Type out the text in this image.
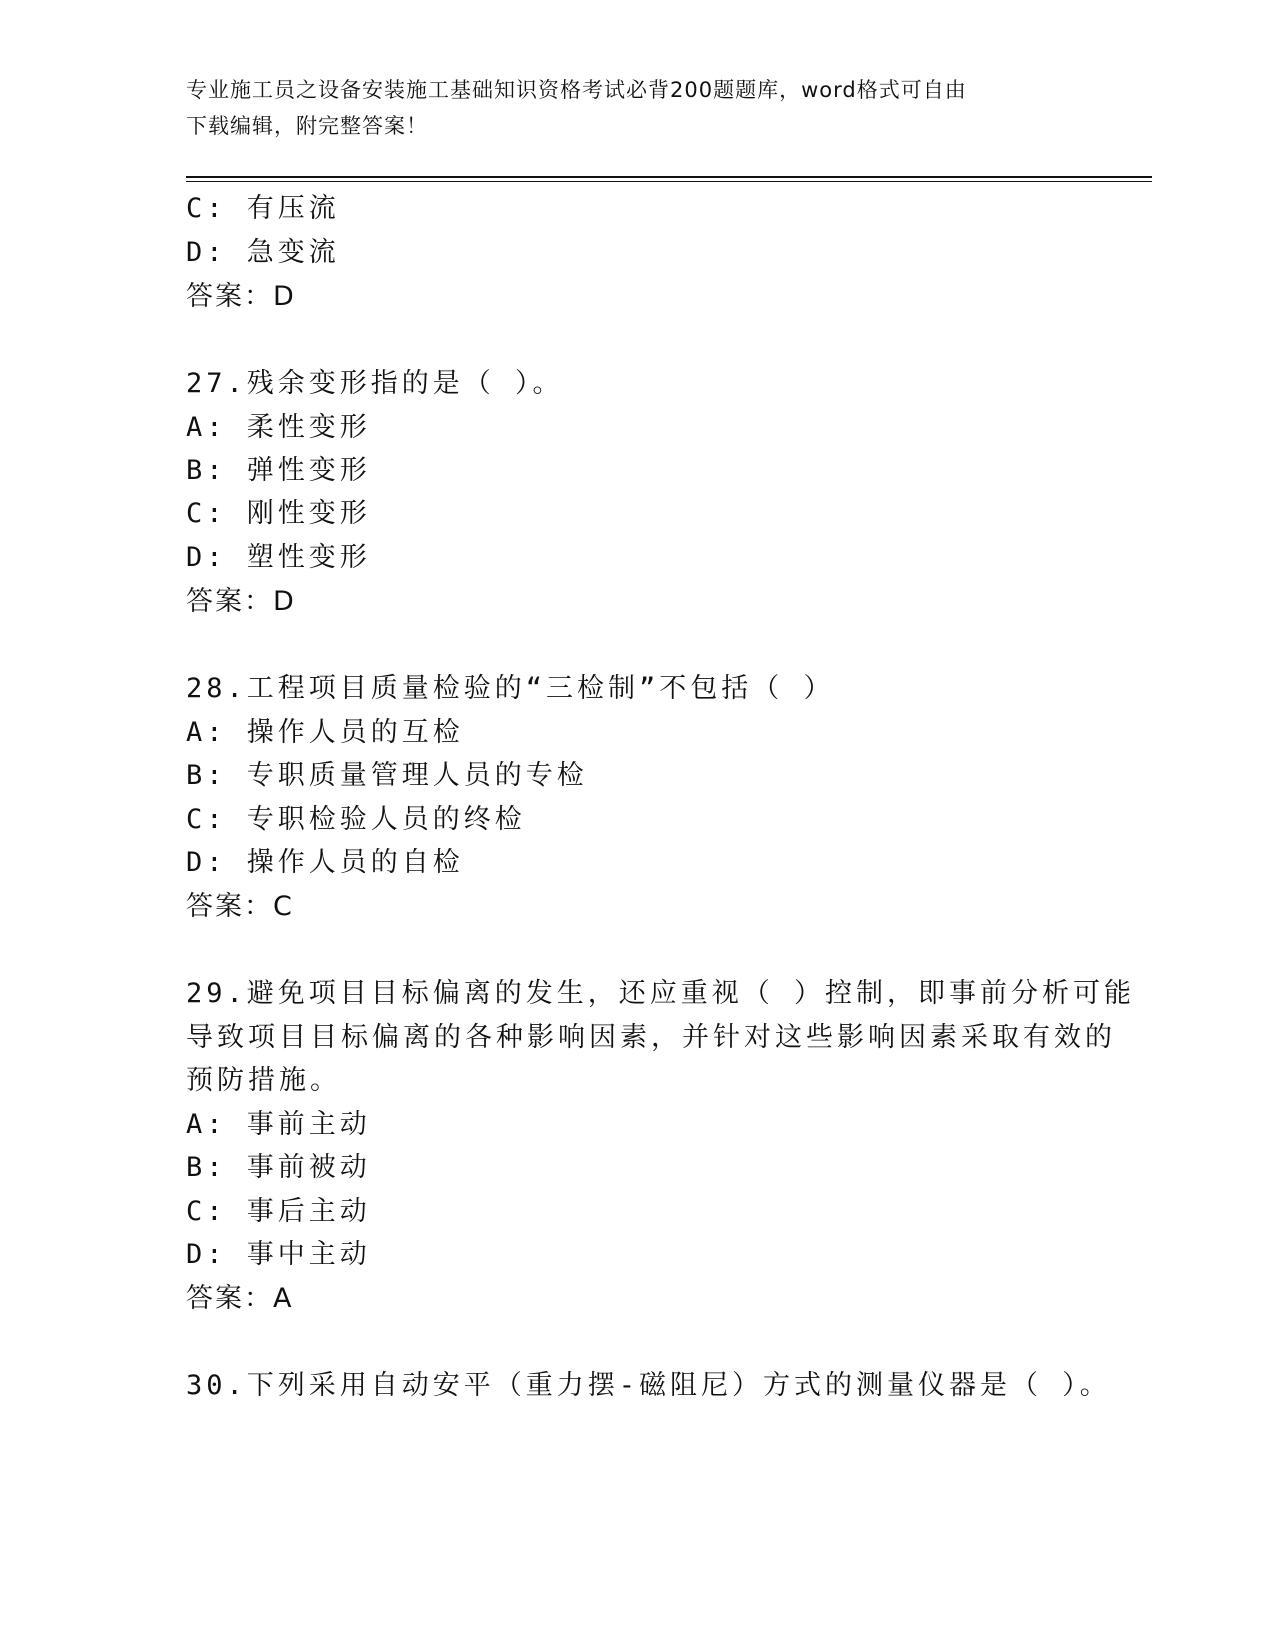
专业施工员之设备安装施工基础知识资格考试必背200题题库，word格式可自由
下载编辑，附完整答案！
C: 有压流
D: 急变流
答案：D
27.残余变形指的是（ ）。
A: 柔性变形
B: 弹性变形
C: 刚性变形
D: 塑性变形
答案：D
28.工程项目质量检验的“三检制”不包括（ ）
A: 操作人员的互检
B: 专职质量管理人员的专检
C: 专职检验人员的终检
D: 操作人员的自检
答案：C
29.避免项目目标偏离的发生，还应重视（ ）控制，即事前分析可能
导致项目目标偏离的各种影响因素，并针对这些影响因素采取有效的
预防措施。
A: 事前主动
B: 事前被动
C: 事后主动
D: 事中主动
答案：A
30.下列采用自动安平（重力摆-磁阻尼）方式的测量仪器是（ ）。
